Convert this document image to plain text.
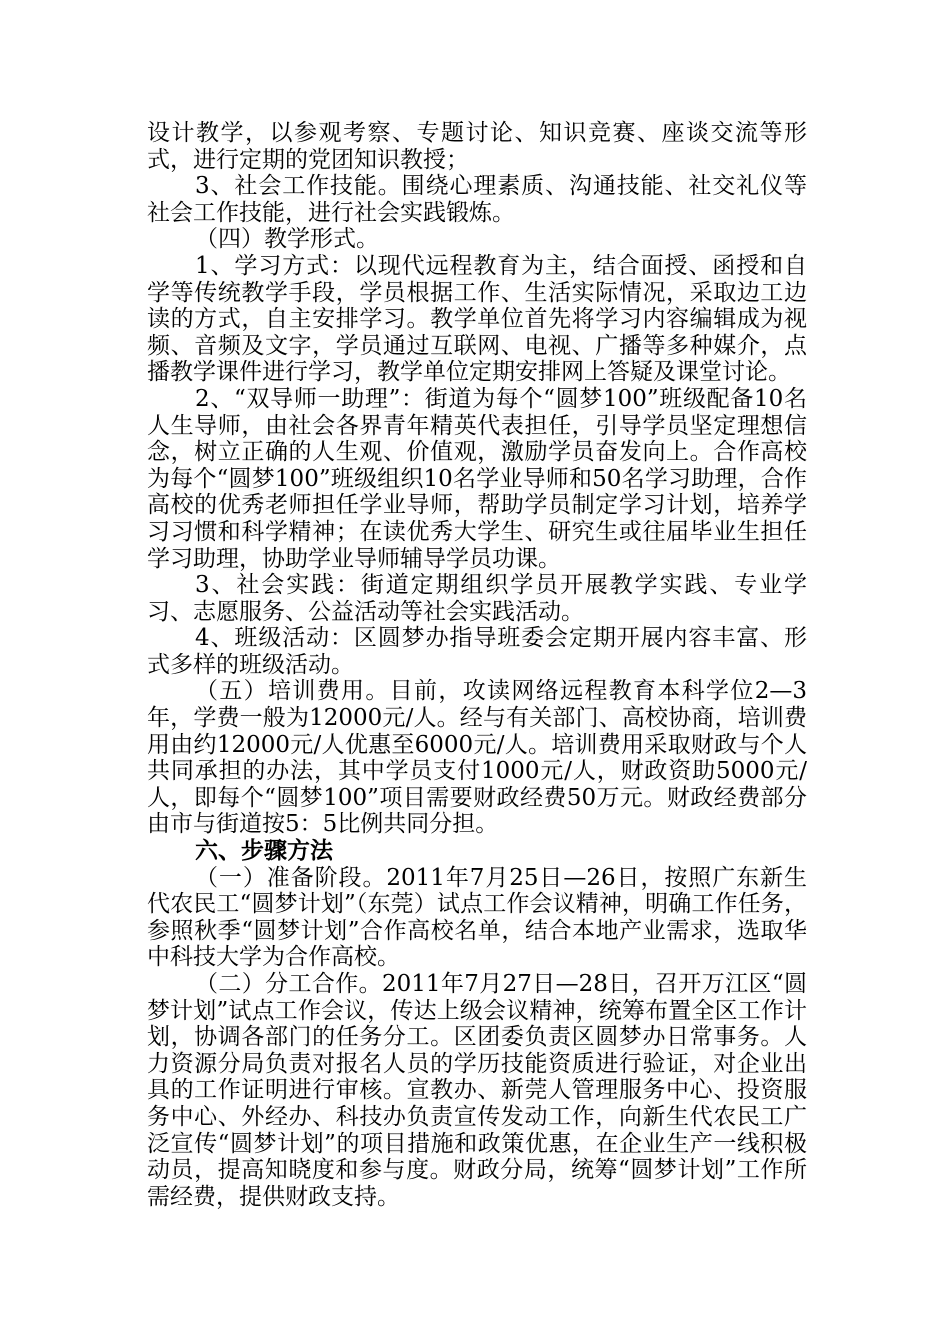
设计教学，以参观考察、专题讨论、知识竞赛、座谈交流等形式，进行定期的党团知识教授；

3、社会工作技能。围绕心理素质、沟通技能、社交礼仪等社会工作技能，进行社会实践锻炼。

（四）教学形式。

1、学习方式：以现代远程教育为主，结合面授、函授和自学等传统教学手段，学员根据工作、生活实际情况，采取边工边读的方式，自主安排学习。教学单位首先将学习内容编辑成为视频、音频及文字，学员通过互联网、电视、广播等多种媒介，点播教学课件进行学习，教学单位定期安排网上答疑及课堂讨论。

2、“双导师一助理”：街道为每个“圆梦100”班级配备10名人生导师，由社会各界青年精英代表担任，引导学员坚定理想信念，树立正确的人生观、价值观，激励学员奋发向上。合作高校为每个“圆梦100”班级组织10名学业导师和50名学习助理，合作高校的优秀老师担任学业导师，帮助学员制定学习计划，培养学习习惯和科学精神；在读优秀大学生、研究生或往届毕业生担任学习助理，协助学业导师辅导学员功课。

3、社会实践：街道定期组织学员开展教学实践、专业学习、志愿服务、公益活动等社会实践活动。

4、班级活动：区圆梦办指导班委会定期开展内容丰富、形式多样的班级活动。

（五）培训费用。目前，攻读网络远程教育本科学位2—3年，学费一般为12000元/人。经与有关部门、高校协商，培训费用由约12000元/人优惠至6000元/人。培训费用采取财政与个人共同承担的办法，其中学员支付1000元/人，财政资助5000元/人，即每个“圆梦100”项目需要财政经费50万元。财政经费部分由市与街道按5：5比例共同分担。

六、步骤方法

（一）准备阶段。2011年7月25日—26日，按照广东新生代农民工“圆梦计划”（东莞）试点工作会议精神，明确工作任务，参照秋季“圆梦计划”合作高校名单，结合本地产业需求，选取华中科技大学为合作高校。

（二）分工合作。2011年7月27日—28日，召开万江区“圆梦计划”试点工作会议，传达上级会议精神，统筹布置全区工作计划，协调各部门的任务分工。区团委负责区圆梦办日常事务。人力资源分局负责对报名人员的学历技能资质进行验证，对企业出具的工作证明进行审核。宣教办、新莞人管理服务中心、投资服务中心、外经办、科技办负责宣传发动工作，向新生代农民工广泛宣传“圆梦计划”的项目措施和政策优惠，在企业生产一线积极动员，提高知晓度和参与度。财政分局，统筹“圆梦计划”工作所需经费，提供财政支持。
